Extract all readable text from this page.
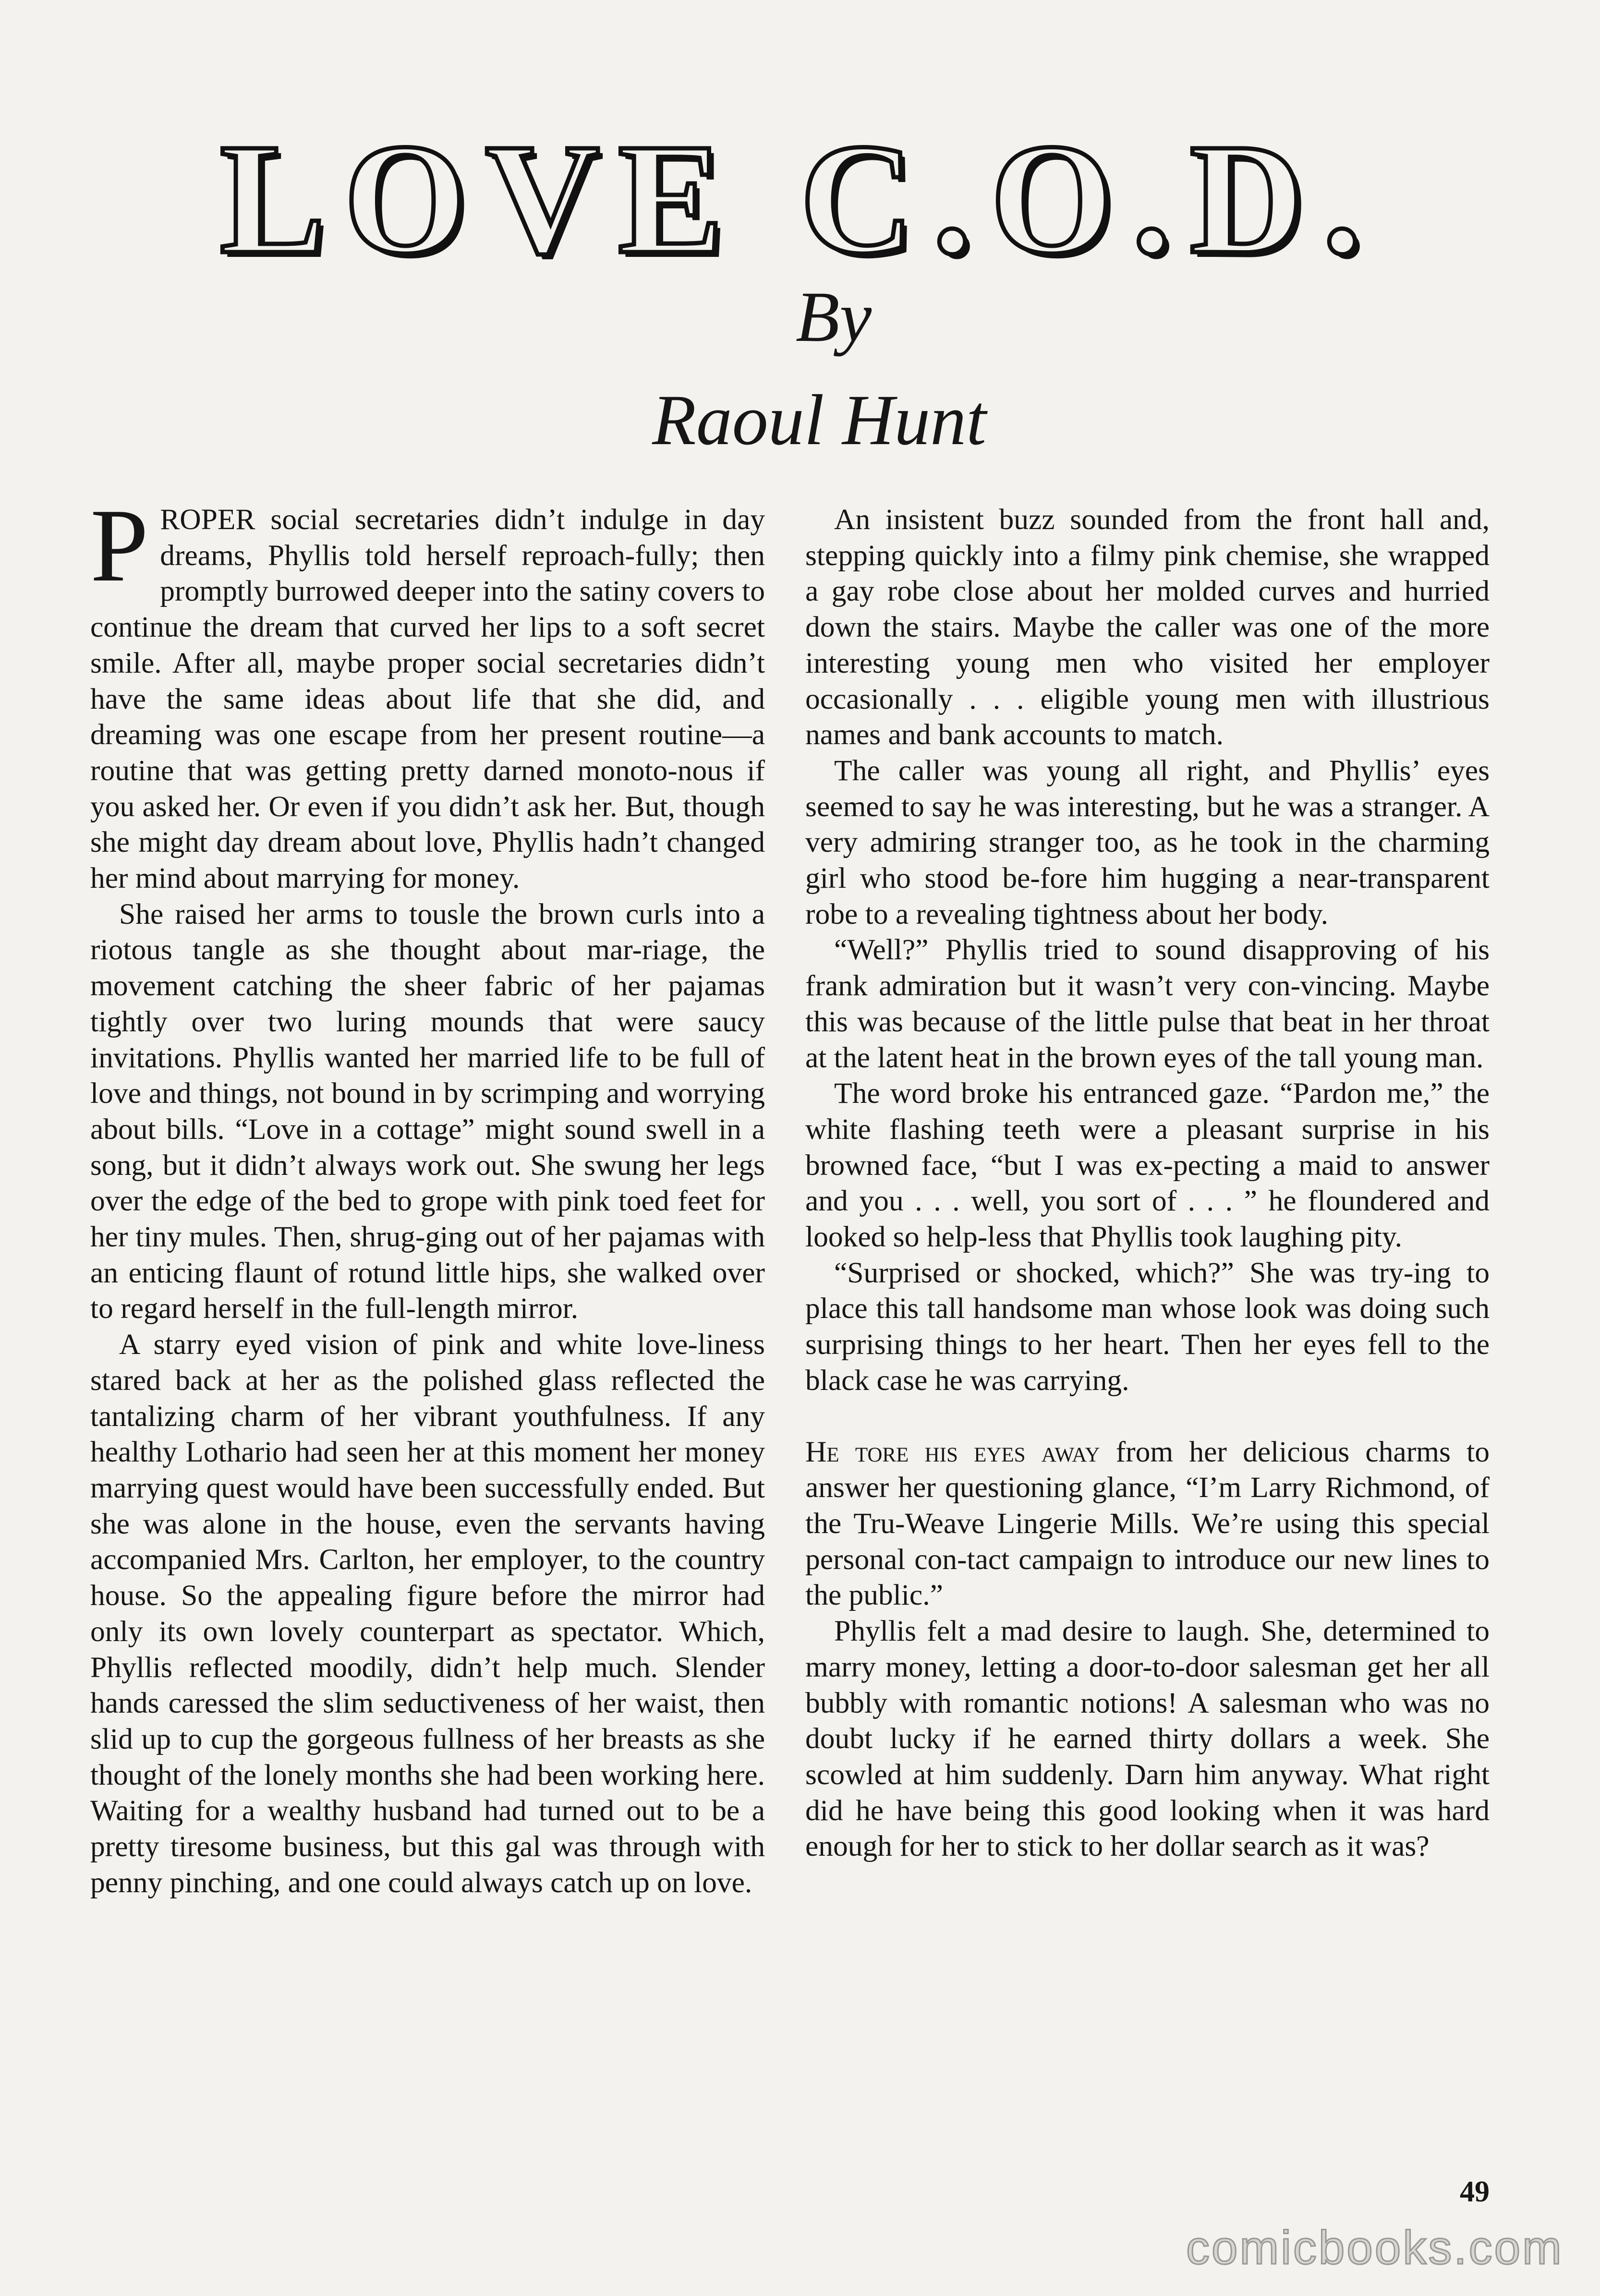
LOVE C.O.D.
By
Raoul Hunt

PROPER social secretaries didn’t indulge in day dreams, Phyllis told herself reproach-fully; then promptly burrowed deeper into the satiny covers to continue the dream that curved her lips to a soft secret smile. After all, maybe proper social secretaries didn’t have the same ideas about life that she did, and dreaming was one escape from her present routine—a routine that was getting pretty darned monoto-nous if you asked her. Or even if you didn’t ask her. But, though she might day dream about love, Phyllis hadn’t changed her mind about marrying for money.

She raised her arms to tousle the brown curls into a riotous tangle as she thought about mar-riage, the movement catching the sheer fabric of her pajamas tightly over two luring mounds that were saucy invitations. Phyllis wanted her married life to be full of love and things, not bound in by scrimping and worrying about bills. “Love in a cottage” might sound swell in a song, but it didn’t always work out. She swung her legs over the edge of the bed to grope with pink toed feet for her tiny mules. Then, shrug-ging out of her pajamas with an enticing flaunt of rotund little hips, she walked over to regard herself in the full-length mirror.

A starry eyed vision of pink and white love-liness stared back at her as the polished glass reflected the tantalizing charm of her vibrant youthfulness. If any healthy Lothario had seen her at this moment her money marrying quest would have been successfully ended. But she was alone in the house, even the servants having accompanied Mrs. Carlton, her employer, to the country house. So the appealing figure before the mirror had only its own lovely counterpart as spectator. Which, Phyllis reflected moodily, didn’t help much. Slender hands caressed the slim seductiveness of her waist, then slid up to cup the gorgeous fullness of her breasts as she thought of the lonely months she had been working here. Waiting for a wealthy husband had turned out to be a pretty tiresome business, but this gal was through with penny pinching, and one could always catch up on love.

An insistent buzz sounded from the front hall and, stepping quickly into a filmy pink chemise, she wrapped a gay robe close about her molded curves and hurried down the stairs. Maybe the caller was one of the more interesting young men who visited her employer occasionally . . . eligible young men with illustrious names and bank accounts to match.

The caller was young all right, and Phyllis’ eyes seemed to say he was interesting, but he was a stranger. A very admiring stranger too, as he took in the charming girl who stood be-fore him hugging a near-transparent robe to a revealing tightness about her body.

“Well?” Phyllis tried to sound disapproving of his frank admiration but it wasn’t very con-vincing. Maybe this was because of the little pulse that beat in her throat at the latent heat in the brown eyes of the tall young man.

The word broke his entranced gaze. “Pardon me,” the white flashing teeth were a pleasant surprise in his browned face, “but I was ex-pecting a maid to answer and you . . . well, you sort of . . . ” he floundered and looked so help-less that Phyllis took laughing pity.

“Surprised or shocked, which?” She was try-ing to place this tall handsome man whose look was doing such surprising things to her heart. Then her eyes fell to the black case he was carrying.

He tore his eyes away from her delicious charms to answer her questioning glance, “I’m Larry Richmond, of the Tru-Weave Lingerie Mills. We’re using this special personal con-tact campaign to introduce our new lines to the public.”

Phyllis felt a mad desire to laugh. She, determined to marry money, letting a door-to-door salesman get her all bubbly with romantic notions! A salesman who was no doubt lucky if he earned thirty dollars a week. She scowled at him suddenly. Darn him anyway. What right did he have being this good looking when it was hard enough for her to stick to her dollar search as it was?

49
comicbooks.com
